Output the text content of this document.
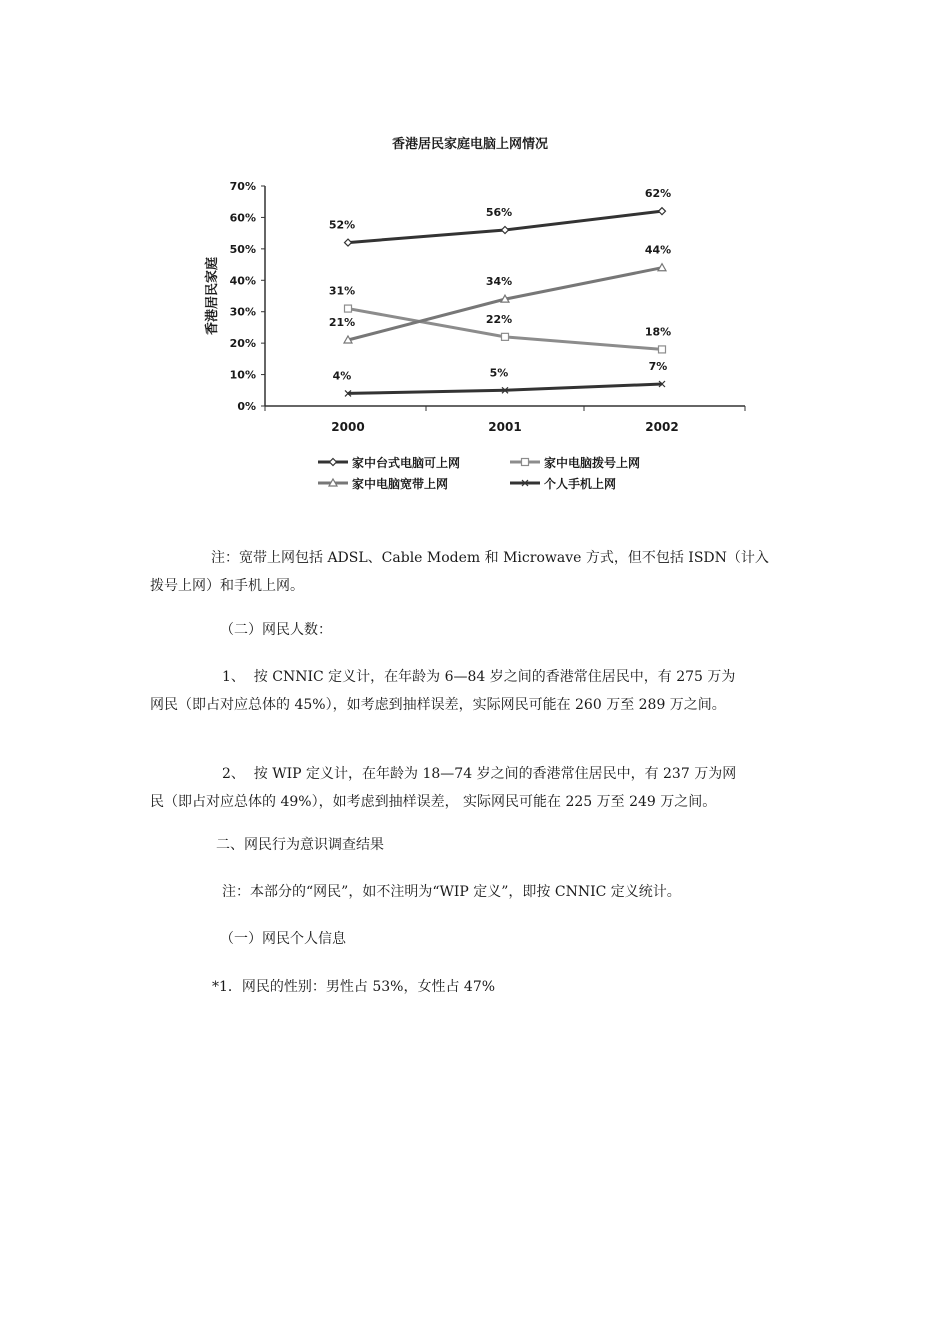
香港居民家庭电脑上网情况
香港居民家庭
0%
10%
20%
30%
40%
50%
60%
70%
2000	2001	2002
52%
56%
62%
31%
22%
18%
21%
34%
44%
4%	5%	7%
家中台式电脑可上网	家中电脑拨号上网
家中电脑宽带上网	个人手机上网

注：宽带上网包括 ADSL、Cable Modem 和 Microwave 方式，但不包括 ISDN（计入
拨号上网）和手机上网。

（二）网民人数：

1、  按 CNNIC 定义计，在年龄为 6—84 岁之间的香港常住居民中，有 275 万为
网民（即占对应总体的 45%），如考虑到抽样误差，实际网民可能在 260 万至 289 万之间。

2、  按 WIP 定义计，在年龄为 18—74 岁之间的香港常住居民中，有 237 万为网
民（即占对应总体的 49%），如考虑到抽样误差， 实际网民可能在 225 万至 249 万之间。

二、网民行为意识调查结果

注：本部分的“网民”，如不注明为“WIP 定义”，即按 CNNIC 定义统计。

（一）网民个人信息

*1．网民的性别：男性占 53%，女性占 47%
